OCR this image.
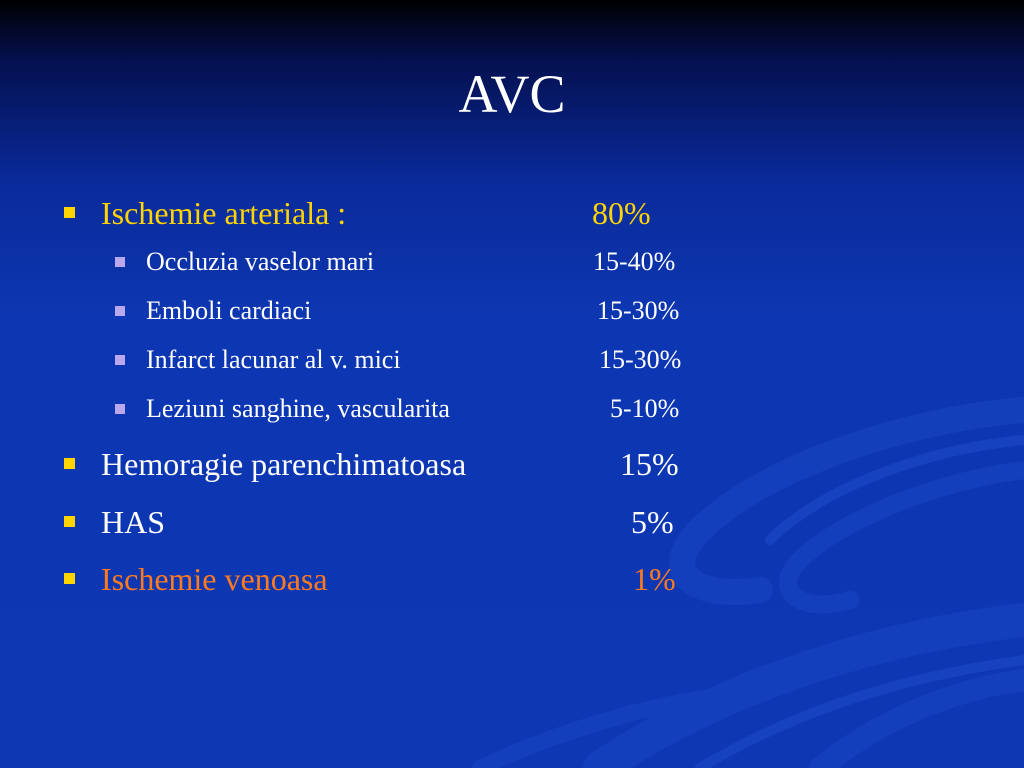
AVC
Ischemie arteriala :	80%
Occluzia vaselor mari	15-40%
Emboli cardiaci	15-30%
Infarct lacunar al v. mici	15-30%
Leziuni sanghine, vascularita	5-10%
Hemoragie parenchimatoasa	15%
HAS	5%
Ischemie venoasa	1%
